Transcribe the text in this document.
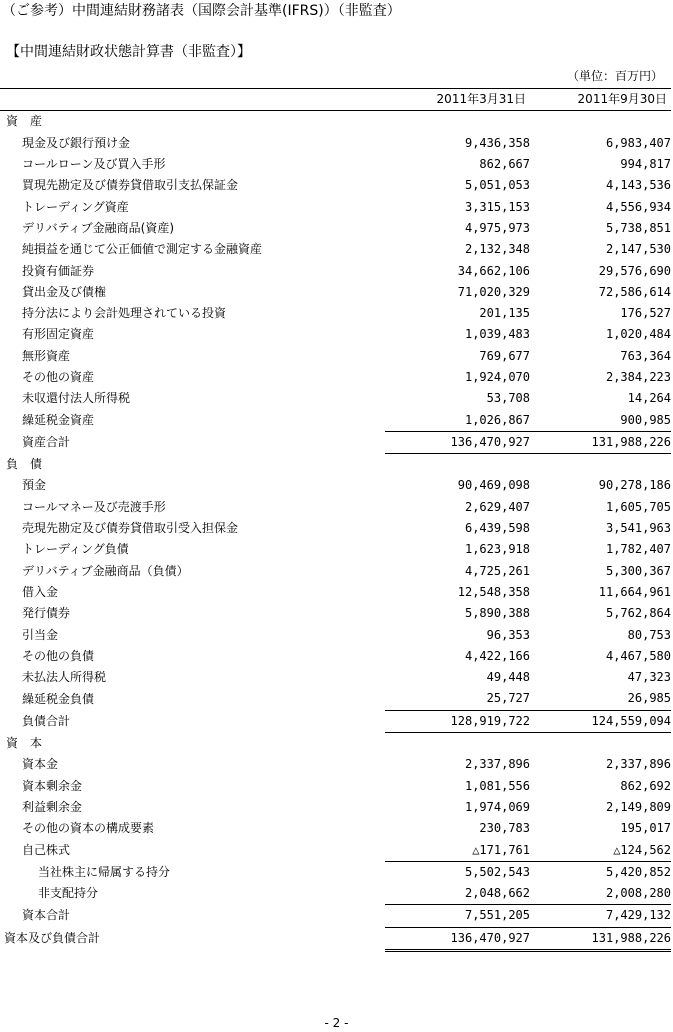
（ご参考）中間連結財務諸表（国際会計基準(IFRS)）（非監査）
【中間連結財政状態計算書（非監査）】
（単位：百万円）
	2011年3月31日	2011年9月30日
資　産		
現金及び銀行預け金	9,436,358	6,983,407
コールローン及び買入手形	862,667	994,817
買現先勘定及び債券貸借取引支払保証金	5,051,053	4,143,536
トレーディング資産	3,315,153	4,556,934
デリバティブ金融商品(資産)	4,975,973	5,738,851
純損益を通じて公正価値で測定する金融資産	2,132,348	2,147,530
投資有価証券	34,662,106	29,576,690
貸出金及び債権	71,020,329	72,586,614
持分法により会計処理されている投資	201,135	176,527
有形固定資産	1,039,483	1,020,484
無形資産	769,677	763,364
その他の資産	1,924,070	2,384,223
未収還付法人所得税	53,708	14,264
繰延税金資産	1,026,867	900,985
資産合計	136,470,927	131,988,226
負　債		
預金	90,469,098	90,278,186
コールマネー及び売渡手形	2,629,407	1,605,705
売現先勘定及び債券貸借取引受入担保金	6,439,598	3,541,963
トレーディング負債	1,623,918	1,782,407
デリバティブ金融商品（負債）	4,725,261	5,300,367
借入金	12,548,358	11,664,961
発行債券	5,890,388	5,762,864
引当金	96,353	80,753
その他の負債	4,422,166	4,467,580
未払法人所得税	49,448	47,323
繰延税金負債	25,727	26,985
負債合計	128,919,722	124,559,094
資　本		
資本金	2,337,896	2,337,896
資本剰余金	1,081,556	862,692
利益剰余金	1,974,069	2,149,809
その他の資本の構成要素	230,783	195,017
自己株式	△171,761	△124,562
当社株主に帰属する持分	5,502,543	5,420,852
非支配持分	2,048,662	2,008,280
資本合計	7,551,205	7,429,132
資本及び負債合計	136,470,927	131,988,226
- 2 -
